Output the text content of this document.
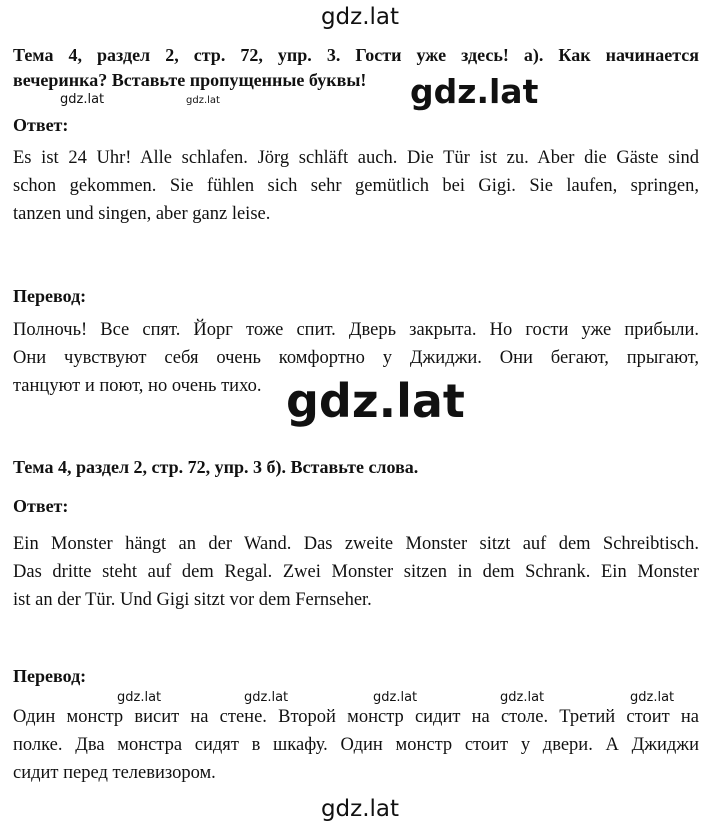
gdz.lat
Тема 4, раздел 2, стр. 72, упр. 3. Гости уже здесь! а). Как начинается
вечеринка? Вставьте пропущенные буквы!
gdz.lat	gdz.lat	gdz.lat
Ответ:
Es ist 24 Uhr! Alle schlafen. Jörg schläft auch. Die Tür ist zu. Aber die Gäste sind
schon gekommen. Sie fühlen sich sehr gemütlich bei Gigi. Sie laufen, springen,
tanzen und singen, aber ganz leise.
Перевод:
Полночь! Все спят. Йорг тоже спит. Дверь закрыта. Но гости уже прибыли.
Они чувствуют себя очень комфортно у Джиджи. Они бегают, прыгают,
танцуют и поют, но очень тихо. gdz.lat
Тема 4, раздел 2, стр. 72, упр. 3 б). Вставьте слова.
Ответ:
Ein Monster hängt an der Wand. Das zweite Monster sitzt auf dem Schreibtisch.
Das dritte steht auf dem Regal. Zwei Monster sitzen in dem Schrank. Ein Monster
ist an der Tür. Und Gigi sitzt vor dem Fernseher.
Перевод:
gdz.lat	gdz.lat	gdz.lat	gdz.lat	gdz.lat
Один монстр висит на стене. Второй монстр сидит на столе. Третий стоит на
полке. Два монстра сидят в шкафу. Один монстр стоит у двери. А Джиджи
сидит перед телевизором.
gdz.lat
